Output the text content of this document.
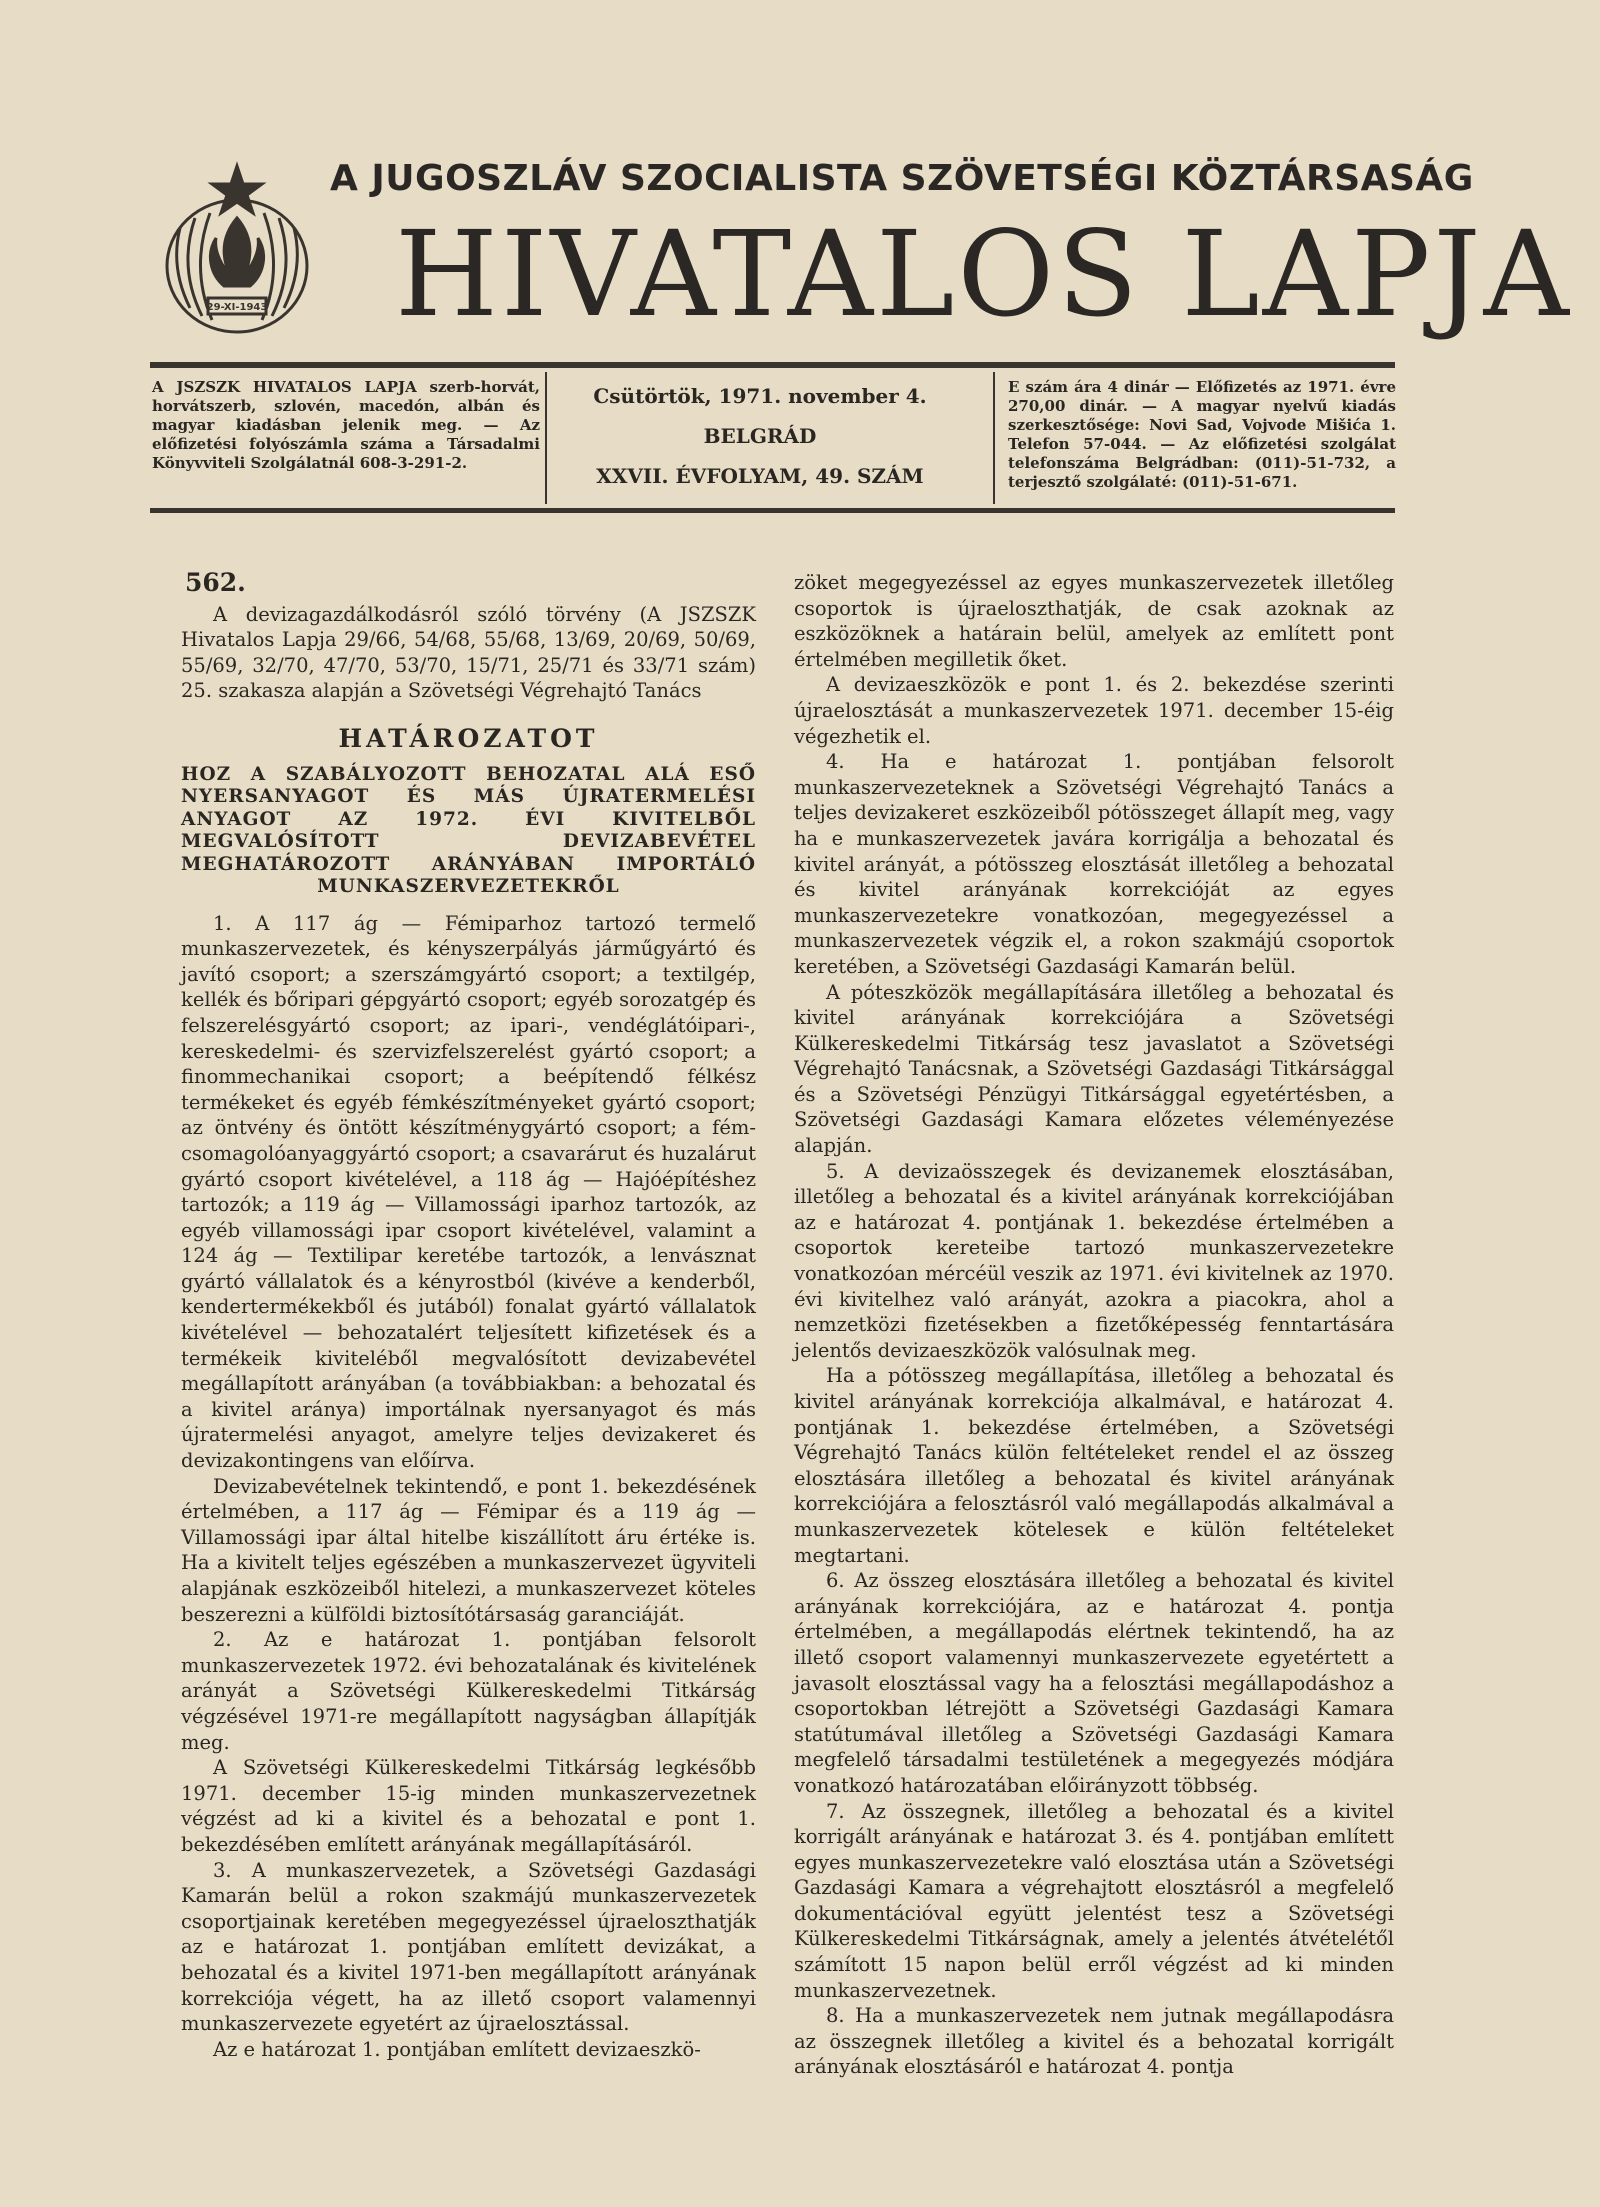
29-XI-1943
A JUGOSZLÁV SZOCIALISTA SZÖVETSÉGI KÖZTÁRSASÁG
HIVATALOS LAPJA
A JSZSZK HIVATALOS LAPJA szerb-horvát, horvátszerb, szlovén, macedón, albán és magyar kiadásban jelenik meg. — Az előfizetési folyószámla száma a Társadalmi Könyvviteli Szolgálatnál 608-3-291-2.
Csütörtök, 1971. november 4.
BELGRÁD
XXVII. ÉVFOLYAM, 49. SZÁM
E szám ára 4 dinár — Előfizetés az 1971. évre 270,00 dinár. — A magyar nyelvű kiadás szerkesztősége: Novi Sad, Vojvode Mišića 1. Telefon 57-044. — Az előfizetési szolgálat telefonszáma Belgrádban: (011)-51-732, a terjesztő szolgálaté: (011)-51-671.
562.

A devizagazdálkodásról szóló törvény (A JSZSZK Hivatalos Lapja 29/66, 54/68, 55/68, 13/69, 20/69, 50/69, 55/69, 32/70, 47/70, 53/70, 15/71, 25/71 és 33/71 szám) 25. szakasza alapján a Szövetségi Végrehajtó Tanács

HATÁROZATOT
HOZ A SZABÁLYOZOTT BEHOZATAL ALÁ ESŐ NYERSANYAGOT ÉS MÁS ÚJRATERMELÉSI ANYAGOT AZ 1972. ÉVI KIVITELBŐL MEGVALÓSÍTOTT DEVIZABEVÉTEL MEGHATÁROZOTT ARÁNYÁBAN IMPORTÁLÓ MUNKASZERVEZETEKRŐL

1. A 117 ág — Fémiparhoz tartozó termelő munkaszervezetek, és kényszerpályás járműgyártó és javító csoport; a szerszámgyártó csoport; a textilgép, kellék és bőripari gépgyártó csoport; egyéb sorozatgép és felszerelésgyártó csoport; az ipari-, vendéglátóipari-, kereskedelmi- és szervizfelszerelést gyártó csoport; a finommechanikai csoport; a beépítendő félkész termékeket és egyéb fémkészítményeket gyártó csoport; az öntvény és öntött készítménygyártó csoport; a fém-csomagolóanyaggyártó csoport; a csavarárut és huzalárut gyártó csoport kivételével, a 118 ág — Hajóépítéshez tartozók; a 119 ág — Villamossági iparhoz tartozók, az egyéb villamossági ipar csoport kivételével, valamint a 124 ág — Textilipar keretébe tartozók, a lenvásznat gyártó vállalatok és a kényrostból (kivéve a kenderből, kendertermékekből és jutából) fonalat gyártó vállalatok kivételével — behozatalért teljesített kifizetések és a termékeik kiviteléből megvalósított devizabevétel megállapított arányában (a továbbiakban: a behozatal és a kivitel aránya) importálnak nyersanyagot és más újratermelési anyagot, amelyre teljes devizakeret és devizakontingens van előírva.

Devizabevételnek tekintendő, e pont 1. bekezdésének értelmében, a 117 ág — Fémipar és a 119 ág — Villamossági ipar által hitelbe kiszállított áru értéke is. Ha a kivitelt teljes egészében a munkaszervezet ügyviteli alapjának eszközeiből hitelezi, a munkaszervezet köteles beszerezni a külföldi biztosítótársaság garanciáját.

2. Az e határozat 1. pontjában felsorolt munkaszervezetek 1972. évi behozatalának és kivitelének arányát a Szövetségi Külkereskedelmi Titkárság végzésével 1971-re megállapított nagyságban állapítják meg.

A Szövetségi Külkereskedelmi Titkárság legkésőbb 1971. december 15-ig minden munkaszervezetnek végzést ad ki a kivitel és a behozatal e pont 1. bekezdésében említett arányának megállapításáról.

3. A munkaszervezetek, a Szövetségi Gazdasági Kamarán belül a rokon szakmájú munkaszervezetek csoportjainak keretében megegyezéssel újraeloszthatják az e határozat 1. pontjában említett devizákat, a behozatal és a kivitel 1971-ben megállapított arányának korrekciója végett, ha az illető csoport valamennyi munkaszervezete egyetért az újraelosztással.

Az e határozat 1. pontjában említett devizaeszkö-

zöket megegyezéssel az egyes munkaszervezetek illetőleg csoportok is újraeloszthatják, de csak azoknak az eszközöknek a határain belül, amelyek az említett pont értelmében megilletik őket.

A devizaeszközök e pont 1. és 2. bekezdése szerinti újraelosztását a munkaszervezetek 1971. december 15-éig végezhetik el.

4. Ha e határozat 1. pontjában felsorolt munkaszervezeteknek a Szövetségi Végrehajtó Tanács a teljes devizakeret eszközeiből pótösszeget állapít meg, vagy ha e munkaszervezetek javára korrigálja a behozatal és kivitel arányát, a pótösszeg elosztását illetőleg a behozatal és kivitel arányának korrekcióját az egyes munkaszervezetekre vonatkozóan, megegyezéssel a munkaszervezetek végzik el, a rokon szakmájú csoportok keretében, a Szövetségi Gazdasági Kamarán belül.

A póteszközök megállapítására illetőleg a behozatal és kivitel arányának korrekciójára a Szövetségi Külkereskedelmi Titkárság tesz javaslatot a Szövetségi Végrehajtó Tanácsnak, a Szövetségi Gazdasági Titkársággal és a Szövetségi Pénzügyi Titkársággal egyetértésben, a Szövetségi Gazdasági Kamara előzetes véleményezése alapján.

5. A devizaösszegek és devizanemek elosztásában, illetőleg a behozatal és a kivitel arányának korrekciójában az e határozat 4. pontjának 1. bekezdése értelmében a csoportok kereteibe tartozó munkaszervezetekre vonatkozóan mércéül veszik az 1971. évi kivitelnek az 1970. évi kivitelhez való arányát, azokra a piacokra, ahol a nemzetközi fizetésekben a fizetőképesség fenntartására jelentős devizaeszközök valósulnak meg.

Ha a pótösszeg megállapítása, illetőleg a behozatal és kivitel arányának korrekciója alkalmával, e határozat 4. pontjának 1. bekezdése értelmében, a Szövetségi Végrehajtó Tanács külön feltételeket rendel el az összeg elosztására illetőleg a behozatal és kivitel arányának korrekciójára a felosztásról való megállapodás alkalmával a munkaszervezetek kötelesek e külön feltételeket megtartani.

6. Az összeg elosztására illetőleg a behozatal és kivitel arányának korrekciójára, az e határozat 4. pontja értelmében, a megállapodás elértnek tekintendő, ha az illető csoport valamennyi munkaszervezete egyetértett a javasolt elosztással vagy ha a felosztási megállapodáshoz a csoportokban létrejött a Szövetségi Gazdasági Kamara statútumával illetőleg a Szövetségi Gazdasági Kamara megfelelő társadalmi testületének a megegyezés módjára vonatkozó határozatában előirányzott többség.

7. Az összegnek, illetőleg a behozatal és a kivitel korrigált arányának e határozat 3. és 4. pontjában említett egyes munkaszervezetekre való elosztása után a Szövetségi Gazdasági Kamara a végrehajtott elosztásról a megfelelő dokumentációval együtt jelentést tesz a Szövetségi Külkereskedelmi Titkárságnak, amely a jelentés átvételétől számított 15 napon belül erről végzést ad ki minden munkaszervezetnek.

8. Ha a munkaszervezetek nem jutnak megállapodásra az összegnek illetőleg a kivitel és a behozatal korrigált arányának elosztásáról e határozat 4. pontja
